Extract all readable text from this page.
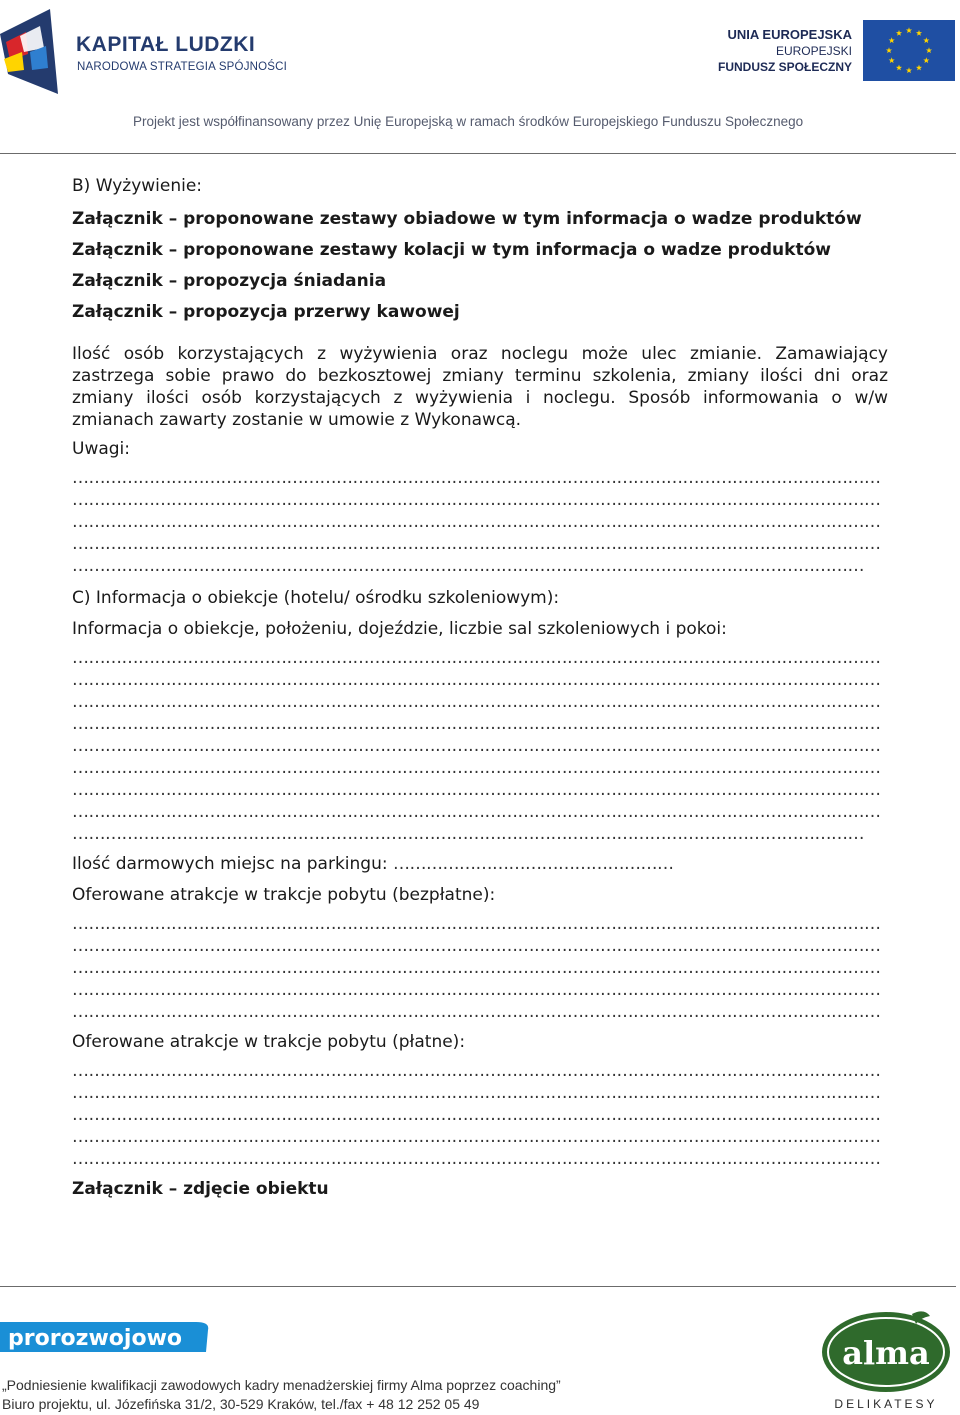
KAPITAŁ LUDZKI
NARODOWA STRATEGIA SPÓJNOŚCI
UNIA EUROPEJSKA
EUROPEJSKI
FUNDUSZ SPOŁECZNY
Projekt jest współfinansowany przez Unię Europejską w ramach środków Europejskiego Funduszu Społecznego

B) Wyżywienie:

Załącznik – proponowane zestawy obiadowe w tym informacja o wadze produktów

Załącznik – proponowane zestawy kolacji w tym informacja o wadze produktów

Załącznik – propozycja śniadania

Załącznik – propozycja przerwy kawowej

Ilość osób korzystających z wyżywienia oraz noclegu może ulec zmianie. Zamawiający zastrzega sobie prawo do bezkosztowej zmiany terminu szkolenia, zmiany ilości dni oraz zmiany ilości osób korzystających z wyżywienia i noclegu. Sposób informowania o w/w zmianach zawarty zostanie w umowie z Wykonawcą.

Uwagi:

…………………………………………………………………………………………………………………………………

…………………………………………………………………………………………………………………………………

…………………………………………………………………………………………………………………………………

…………………………………………………………………………………………………………………………………

………………………………………………………………………………………………………………………………

C) Informacja o obiekcje (hotelu/ ośrodku szkoleniowym):

Informacja o obiekcje, położeniu, dojeździe, liczbie sal szkoleniowych i pokoi:

…………………………………………………………………………………………………………………………………

…………………………………………………………………………………………………………………………………

…………………………………………………………………………………………………………………………………

…………………………………………………………………………………………………………………………………

…………………………………………………………………………………………………………………………………

…………………………………………………………………………………………………………………………………

…………………………………………………………………………………………………………………………………

…………………………………………………………………………………………………………………………………

………………………………………………………………………………………………………………………………

Ilość darmowych miejsc na parkingu: ……………………………………………

Oferowane atrakcje w trakcje pobytu (bezpłatne):

…………………………………………………………………………………………………………………………………

…………………………………………………………………………………………………………………………………

…………………………………………………………………………………………………………………………………

…………………………………………………………………………………………………………………………………

…………………………………………………………………………………………………………………………………

Oferowane atrakcje w trakcje pobytu (płatne):

…………………………………………………………………………………………………………………………………

…………………………………………………………………………………………………………………………………

…………………………………………………………………………………………………………………………………

…………………………………………………………………………………………………………………………………

…………………………………………………………………………………………………………………………………

Załącznik – zdjęcie obiektu

prorozwojowo	alma
DELIKATESY
„Podniesienie kwalifikacji zawodowych kadry menadżerskiej firmy Alma poprzez coaching”
Biuro projektu, ul. Józefińska 31/2, 30-529 Kraków, tel./fax + 48 12 252 05 49
